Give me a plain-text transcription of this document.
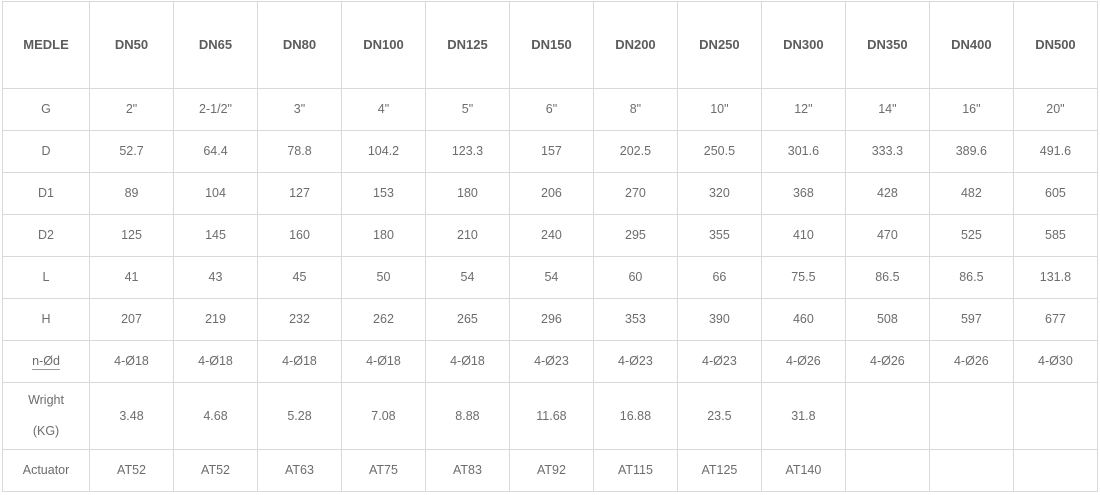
MEDLE	DN50	DN65	DN80	DN100	DN125	DN150	DN200	DN250	DN300	DN350	DN400	DN500
G	2"	2-1/2"	3"	4"	5"	6"	8"	10"	12"	14"	16"	20"
D	52.7	64.4	78.8	104.2	123.3	157	202.5	250.5	301.6	333.3	389.6	491.6
D1	89	104	127	153	180	206	270	320	368	428	482	605
D2	125	145	160	180	210	240	295	355	410	470	525	585
L	41	43	45	50	54	54	60	66	75.5	86.5	86.5	131.8
H	207	219	232	262	265	296	353	390	460	508	597	677
n-Ød	4-Ø18	4-Ø18	4-Ø18	4-Ø18	4-Ø18	4-Ø23	4-Ø23	4-Ø23	4-Ø26	4-Ø26	4-Ø26	4-Ø30

Wright
(KG)	3.48	4.68	5.28	7.08	8.88	11.68	16.88	23.5	31.8			
Actuator	AT52	AT52	AT63	AT75	AT83	AT92	AT115	AT125	AT140			
